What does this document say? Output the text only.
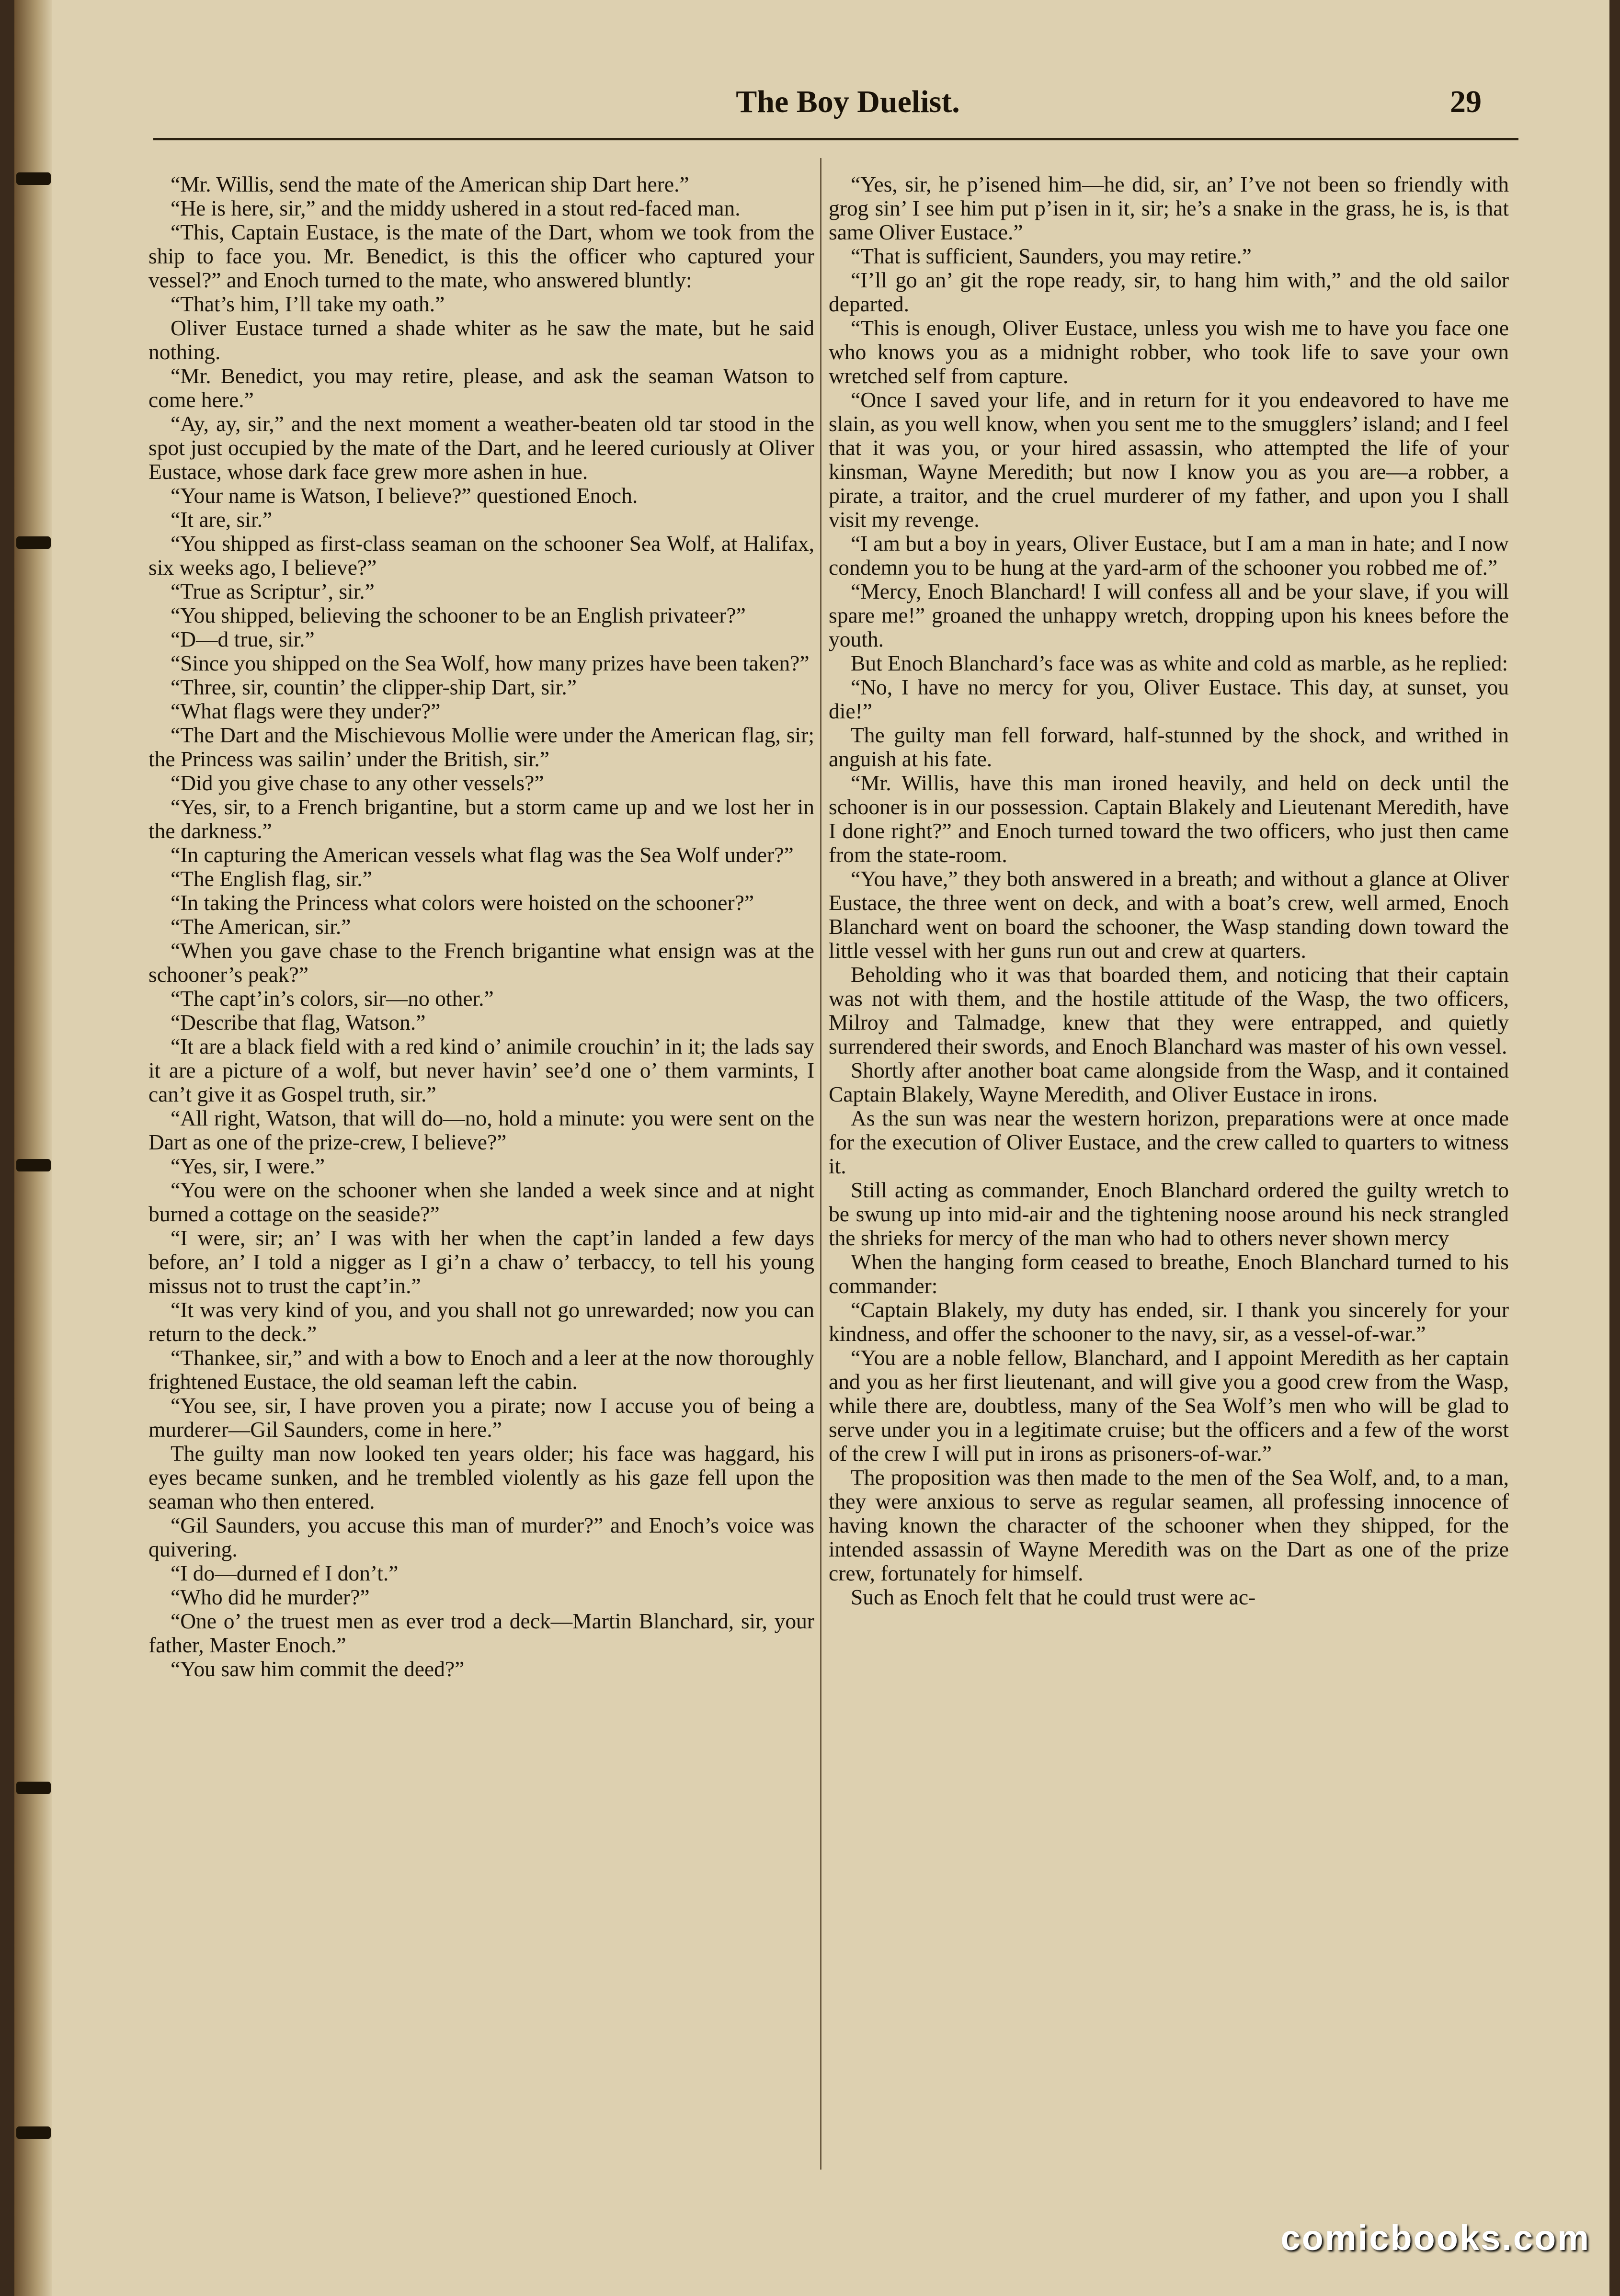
The Boy Duelist.	29

“Mr. Willis, send the mate of the American ship Dart here.”

“He is here, sir,” and the middy ushered in a stout red-faced man.

“This, Captain Eustace, is the mate of the Dart, whom we took from the ship to face you. Mr. Benedict, is this the officer who captured your vessel?” and Enoch turned to the mate, who answered bluntly:

“That’s him, I’ll take my oath.”

Oliver Eustace turned a shade whiter as he saw the mate, but he said nothing.

“Mr. Benedict, you may retire, please, and ask the seaman Watson to come here.”

“Ay, ay, sir,” and the next moment a weather-beaten old tar stood in the spot just occupied by the mate of the Dart, and he leered curiously at Oliver Eustace, whose dark face grew more ashen in hue.

“Your name is Watson, I believe?” questioned Enoch.

“It are, sir.”

“You shipped as first-class seaman on the schooner Sea Wolf, at Halifax, six weeks ago, I believe?”

“True as Scriptur’, sir.”

“You shipped, believing the schooner to be an English privateer?”

“D—d true, sir.”

“Since you shipped on the Sea Wolf, how many prizes have been taken?”

“Three, sir, countin’ the clipper-ship Dart, sir.”

“What flags were they under?”

“The Dart and the Mischievous Mollie were under the American flag, sir; the Princess was sailin’ under the British, sir.”

“Did you give chase to any other vessels?”

“Yes, sir, to a French brigantine, but a storm came up and we lost her in the darkness.”

“In capturing the American vessels what flag was the Sea Wolf under?”

“The English flag, sir.”

“In taking the Princess what colors were hoisted on the schooner?”

“The American, sir.”

“When you gave chase to the French brigantine what ensign was at the schooner’s peak?”

“The capt’in’s colors, sir—no other.”

“Describe that flag, Watson.”

“It are a black field with a red kind o’ animile crouchin’ in it; the lads say it are a picture of a wolf, but never havin’ see’d one o’ them varmints, I can’t give it as Gospel truth, sir.”

“All right, Watson, that will do—no, hold a minute: you were sent on the Dart as one of the prize-crew, I believe?”

“Yes, sir, I were.”

“You were on the schooner when she landed a week since and at night burned a cottage on the seaside?”

“I were, sir; an’ I was with her when the capt’in landed a few days before, an’ I told a nigger as I gi’n a chaw o’ terbaccy, to tell his young missus not to trust the capt’in.”

“It was very kind of you, and you shall not go unrewarded; now you can return to the deck.”

“Thankee, sir,” and with a bow to Enoch and a leer at the now thoroughly frightened Eustace, the old seaman left the cabin.

“You see, sir, I have proven you a pirate; now I accuse you of being a murderer—Gil Saunders, come in here.”

The guilty man now looked ten years older; his face was haggard, his eyes became sunken, and he trembled violently as his gaze fell upon the seaman who then entered.

“Gil Saunders, you accuse this man of murder?” and Enoch’s voice was quivering.

“I do—durned ef I don’t.”

“Who did he murder?”

“One o’ the truest men as ever trod a deck—Martin Blanchard, sir, your father, Master Enoch.”

“You saw him commit the deed?”

“Yes, sir, he p’isened him—he did, sir, an’ I’ve not been so friendly with grog sin’ I see him put p’isen in it, sir; he’s a snake in the grass, he is, is that same Oliver Eustace.”

“That is sufficient, Saunders, you may retire.”

“I’ll go an’ git the rope ready, sir, to hang him with,” and the old sailor departed.

“This is enough, Oliver Eustace, unless you wish me to have you face one who knows you as a midnight robber, who took life to save your own wretched self from capture.

“Once I saved your life, and in return for it you endeavored to have me slain, as you well know, when you sent me to the smugglers’ island; and I feel that it was you, or your hired assassin, who attempted the life of your kinsman, Wayne Meredith; but now I know you as you are—a robber, a pirate, a traitor, and the cruel murderer of my father, and upon you I shall visit my revenge.

“I am but a boy in years, Oliver Eustace, but I am a man in hate; and I now condemn you to be hung at the yard-arm of the schooner you robbed me of.”

“Mercy, Enoch Blanchard! I will confess all and be your slave, if you will spare me!” groaned the unhappy wretch, dropping upon his knees before the youth.

But Enoch Blanchard’s face was as white and cold as marble, as he replied:

“No, I have no mercy for you, Oliver Eustace. This day, at sunset, you die!”

The guilty man fell forward, half-stunned by the shock, and writhed in anguish at his fate.

“Mr. Willis, have this man ironed heavily, and held on deck until the schooner is in our possession. Captain Blakely and Lieutenant Meredith, have I done right?” and Enoch turned toward the two officers, who just then came from the state-room.

“You have,” they both answered in a breath; and without a glance at Oliver Eustace, the three went on deck, and with a boat’s crew, well armed, Enoch Blanchard went on board the schooner, the Wasp standing down toward the little vessel with her guns run out and crew at quarters.

Beholding who it was that boarded them, and noticing that their captain was not with them, and the hostile attitude of the Wasp, the two officers, Milroy and Talmadge, knew that they were entrapped, and quietly surrendered their swords, and Enoch Blanchard was master of his own vessel.

Shortly after another boat came alongside from the Wasp, and it contained Captain Blakely, Wayne Meredith, and Oliver Eustace in irons.

As the sun was near the western horizon, preparations were at once made for the execution of Oliver Eustace, and the crew called to quarters to witness it.

Still acting as commander, Enoch Blanchard ordered the guilty wretch to be swung up into mid-air and the tightening noose around his neck strangled the shrieks for mercy of the man who had to others never shown mercy

When the hanging form ceased to breathe, Enoch Blanchard turned to his commander:

“Captain Blakely, my duty has ended, sir. I thank you sincerely for your kindness, and offer the schooner to the navy, sir, as a vessel-of-war.”

“You are a noble fellow, Blanchard, and I appoint Meredith as her captain and you as her first lieutenant, and will give you a good crew from the Wasp, while there are, doubtless, many of the Sea Wolf’s men who will be glad to serve under you in a legitimate cruise; but the officers and a few of the worst of the crew I will put in irons as prisoners-of-war.”

The proposition was then made to the men of the Sea Wolf, and, to a man, they were anxious to serve as regular seamen, all professing innocence of having known the character of the schooner when they shipped, for the intended assassin of Wayne Meredith was on the Dart as one of the prize crew, fortunately for himself.

Such as Enoch felt that he could trust were ac-

comicbooks.com
